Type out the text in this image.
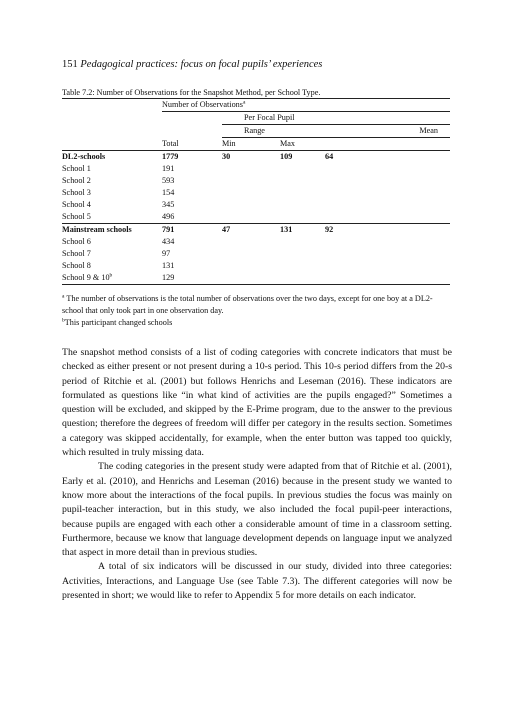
151 Pedagogical practices: focus on focal pupils’ experiences
Table 7.2: Number of Observations for the Snapshot Method, per School Type.
	Number of Observations$^a$
		Per Focal Pupil		
		Range		Mean
	Total	Min	Max	
DL2-schools	1779	30	109	64
School 1	191			
School 2	593			
School 3	154			
School 4	345			
School 5	496			
Mainstream schools	791	47	131	92
School 6	434			
School 7	97			
School 8	131			
School 9 & 10$^b$	129			
$^a$ The number of observations is the total number of observations over the two days, except for one boy at a DL2-school that only took part in one observation day.
$^b$This participant changed schools

The snapshot method consists of a list of coding categories with concrete indicators that must be checked as either present or not present during a 10-s period. This 10-s period differs from the 20-s period of Ritchie et al. (2001) but follows Henrichs and Leseman (2016). These indicators are formulated as questions like “in what kind of activities are the pupils engaged?” Sometimes a question will be excluded, and skipped by the E-Prime program, due to the answer to the previous question; therefore the degrees of freedom will differ per category in the results section. Sometimes a category was skipped accidentally, for example, when the enter button was tapped too quickly, which resulted in truly missing data.

The coding categories in the present study were adapted from that of Ritchie et al. (2001), Early et al. (2010), and Henrichs and Leseman (2016) because in the present study we wanted to know more about the interactions of the focal pupils. In previous studies the focus was mainly on pupil-teacher interaction, but in this study, we also included the focal pupil-peer interactions, because pupils are engaged with each other a considerable amount of time in a classroom setting. Furthermore, because we know that language development depends on language input we analyzed that aspect in more detail than in previous studies.

A total of six indicators will be discussed in our study, divided into three categories: Activities, Interactions, and Language Use (see Table 7.3). The different categories will now be presented in short; we would like to refer to Appendix 5 for more details on each indicator.
